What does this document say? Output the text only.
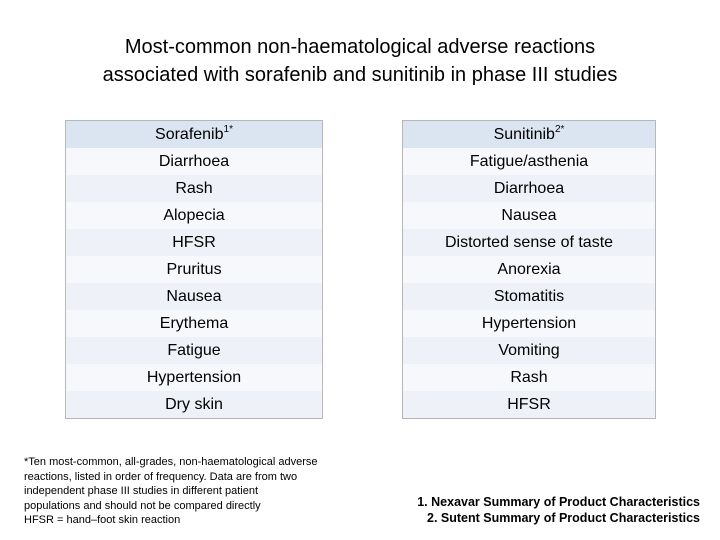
Most-common non-haematological adverse reactions
associated with sorafenib and sunitinib in phase III studies
Sorafenib$^{1*}$
Diarrhoea
Rash
Alopecia
HFSR
Pruritus
Nausea
Erythema
Fatigue
Hypertension
Dry skin
Sunitinib$^{2*}$
Fatigue/asthenia
Diarrhoea
Nausea
Distorted sense of taste
Anorexia
Stomatitis
Hypertension
Vomiting
Rash
HFSR
*Ten most-common, all-grades, non-haematological adverse
reactions, listed in order of frequency. Data are from two
independent phase III studies in different patient
populations and should not be compared directly
HFSR = hand–foot skin reaction
1. Nexavar Summary of Product Characteristics
2. Sutent Summary of Product Characteristics
